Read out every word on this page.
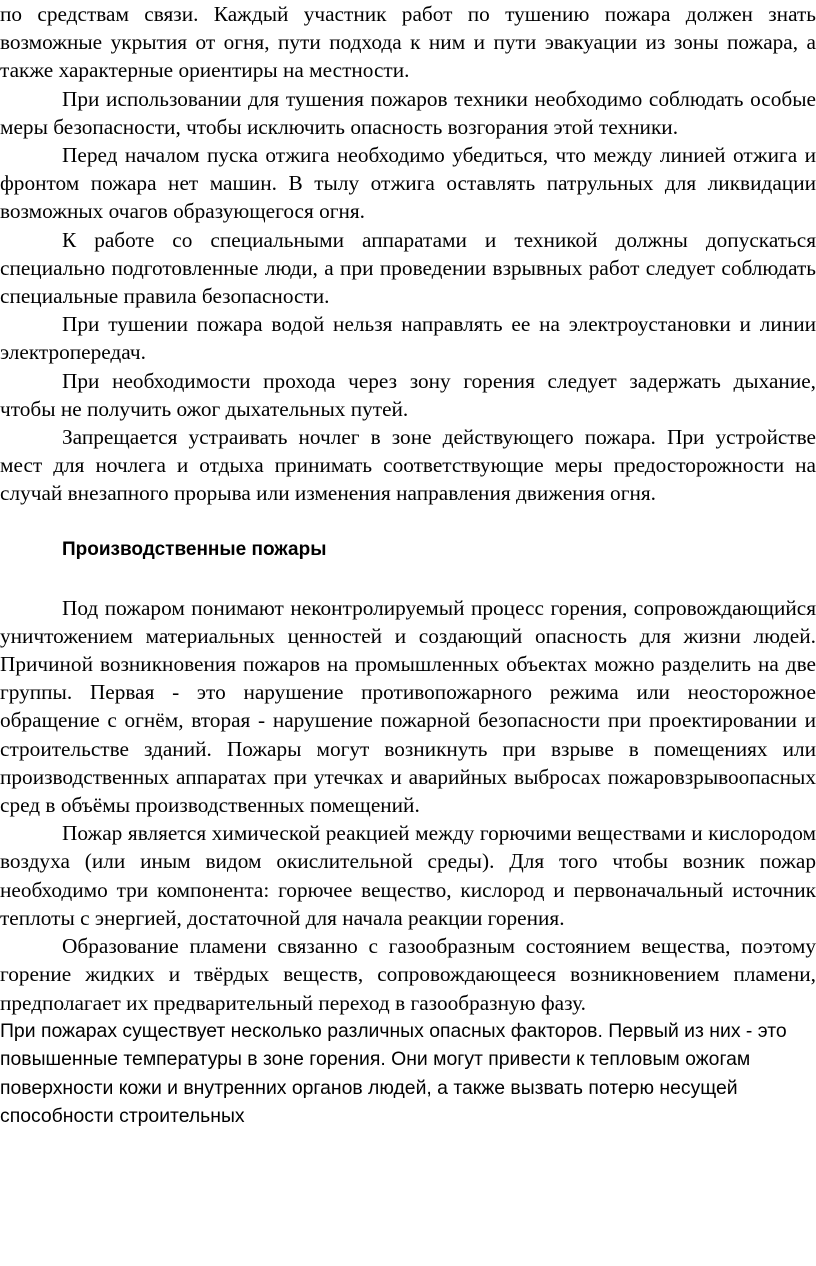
по средствам связи. Каждый участник работ по тушению пожара должен знать возможные укрытия от огня, пути подхода к ним и пути эвакуации из зоны пожара, а также характерные ориентиры на местности.

При использовании для тушения пожаров техники необходимо соблюдать особые меры безопасности, чтобы исключить опасность возгорания этой техники.

Перед началом пуска отжига необходимо убедиться, что между линией отжига и фронтом пожара нет машин. В тылу отжига оставлять патрульных для ликвидации возможных очагов образующегося огня.

К работе со специальными аппаратами и техникой должны допускаться специально подготовленные люди, а при проведении взрывных работ следует соблюдать специальные правила безопасности.

При тушении пожара водой нельзя направлять ее на электроустановки и линии электропередач.

При необходимости прохода через зону горения следует задержать дыхание, чтобы не получить ожог дыхательных путей.

Запрещается устраивать ночлег в зоне действующего пожара. При устройстве мест для ночлега и отдыха принимать соответствующие меры предосторожности на случай внезапного прорыва или изменения направления движения огня.

Производственные пожары

Под пожаром понимают неконтролируемый процесс горения, сопровождающийся уничтожением материальных ценностей и создающий опасность для жизни людей. Причиной возникновения пожаров на промышленных объектах можно разделить на две группы. Первая - это нарушение противопожарного режима или неосторожное обращение с огнём, вторая - нарушение пожарной безопасности при проектировании и строительстве зданий. Пожары могут возникнуть при взрыве в помещениях или производственных аппаратах при утечках и аварийных выбросах пожаровзрывоопасных сред в объёмы производственных помещений.

Пожар является химической реакцией между горючими веществами и кислородом воздуха (или иным видом окислительной среды). Для того чтобы возник пожар необходимо три компонента: горючее вещество, кислород и первоначальный источник теплоты с энергией, достаточной для начала реакции горения.

Образование пламени связанно с газообразным состоянием вещества, поэтому горение жидких и твёрдых веществ, сопровождающееся возникновением пламени, предполагает их предварительный переход в газообразную фазу.

При пожарах существует несколько различных опасных факторов. Первый из них - это повышенные температуры в зоне горения. Они могут привести к тепловым ожогам поверхности кожи и внутренних органов людей, а также вызвать потерю несущей способности строительных
